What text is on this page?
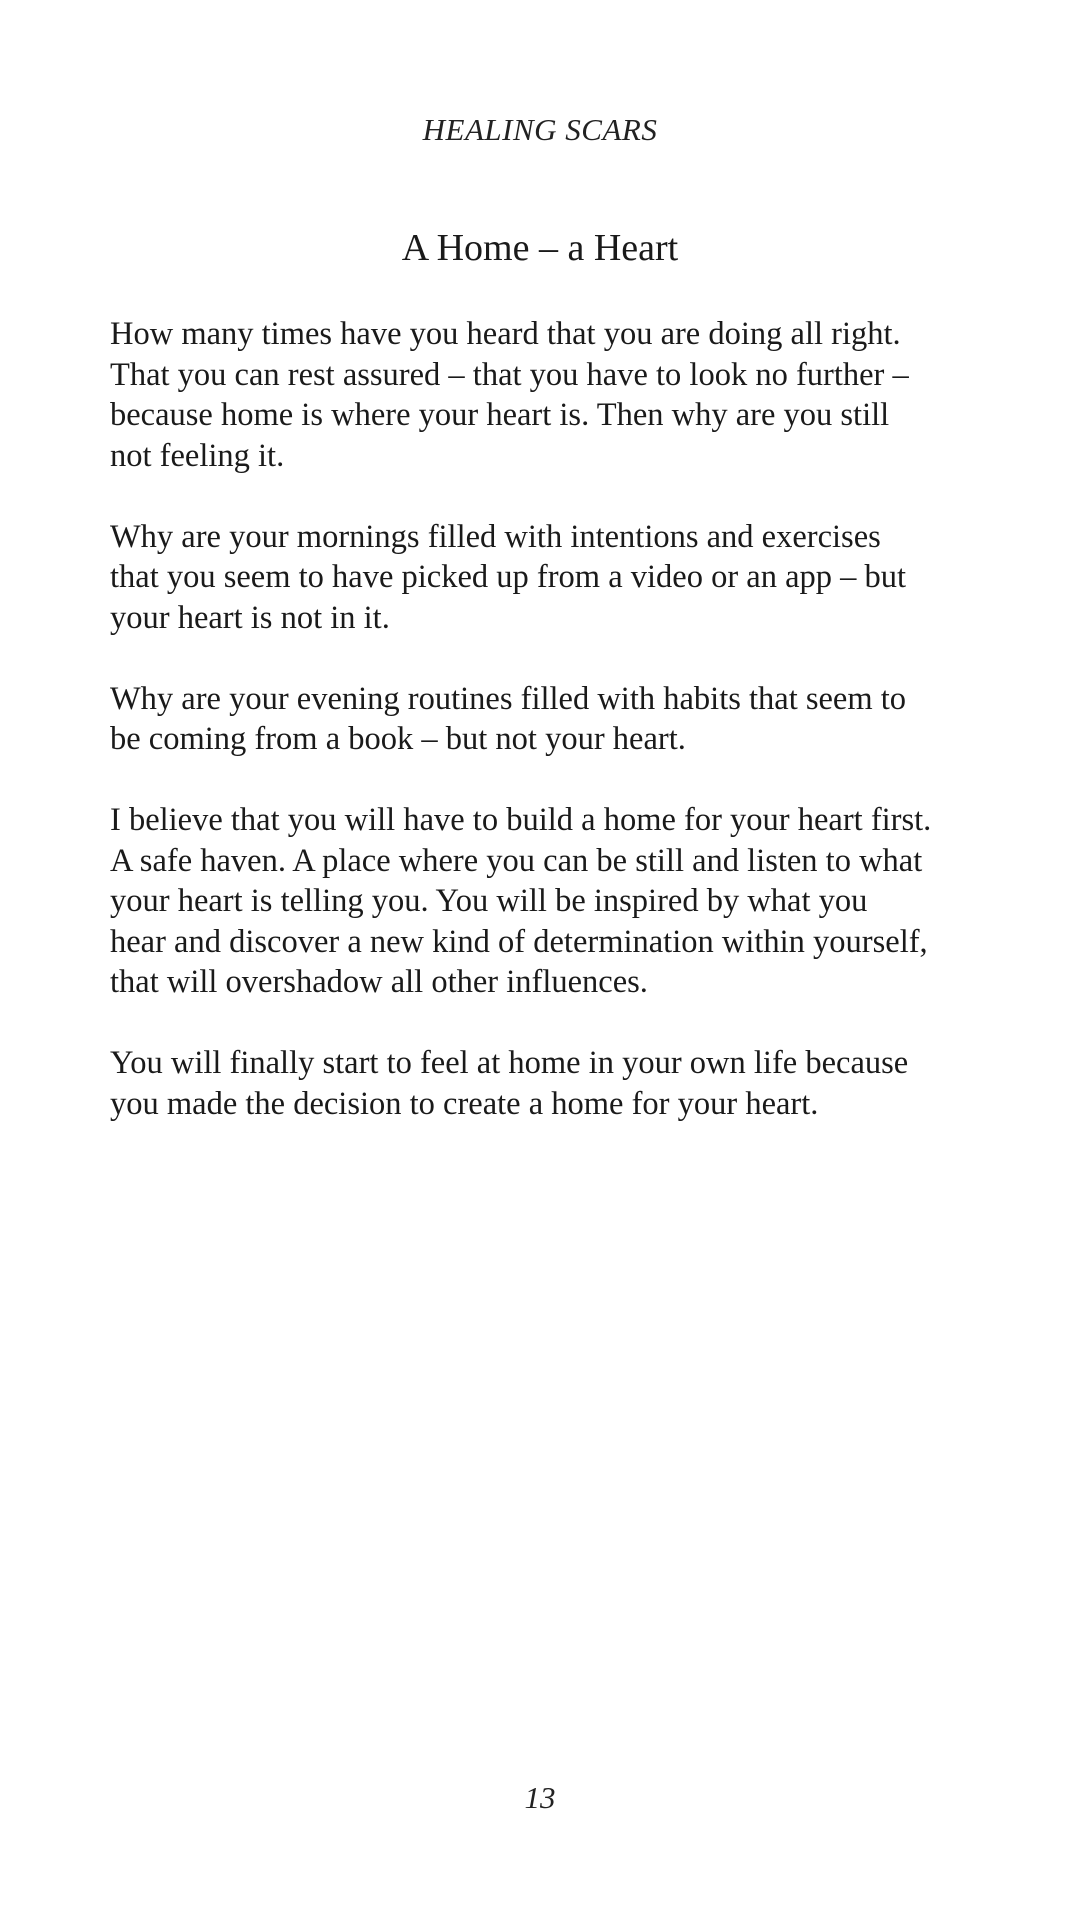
HEALING SCARS
A Home – a Heart

How many times have you heard that you are doing all right.
That you can rest assured – that you have to look no further –
because home is where your heart is. Then why are you still
not feeling it.

Why are your mornings filled with intentions and exercises
that you seem to have picked up from a video or an app – but
your heart is not in it.

Why are your evening routines filled with habits that seem to
be coming from a book – but not your heart.

I believe that you will have to build a home for your heart first.
A safe haven. A place where you can be still and listen to what
your heart is telling you. You will be inspired by what you
hear and discover a new kind of determination within yourself,
that will overshadow all other influences.

You will finally start to feel at home in your own life because
you made the decision to create a home for your heart.

13
